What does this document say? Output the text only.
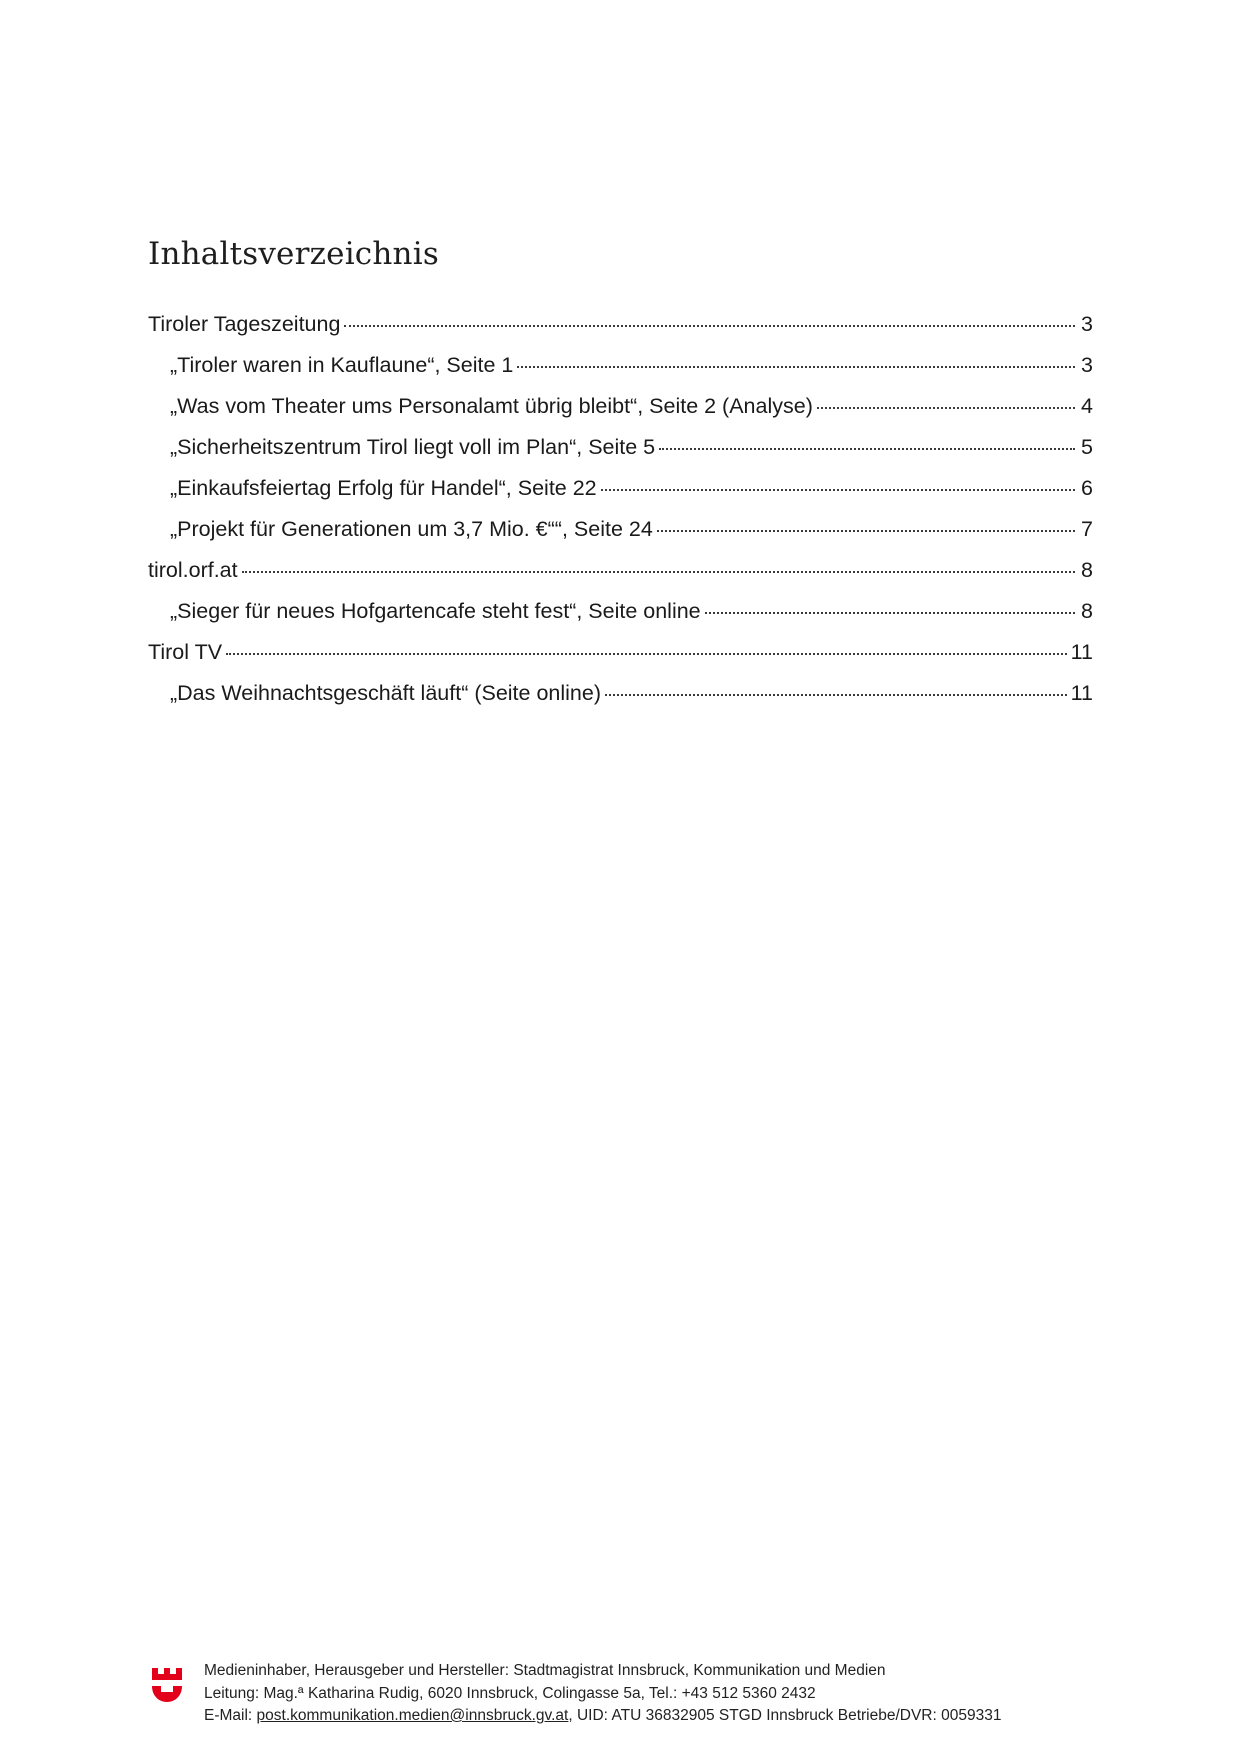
Inhaltsverzeichnis
Tiroler Tageszeitung	3
„Tiroler waren in Kauflaune“, Seite 1	3
„Was vom Theater ums Personalamt übrig bleibt“, Seite 2 (Analyse)	4
„Sicherheitszentrum Tirol liegt voll im Plan“, Seite 5	5
„Einkaufsfeiertag Erfolg für Handel“, Seite 22	6
„Projekt für Generationen um 3,7 Mio. €““, Seite 24	7
tirol.orf.at	8
„Sieger für neues Hofgartencafe steht fest“, Seite online	8
Tirol TV	11
„Das Weihnachtsgeschäft läuft“ (Seite online)	11
Medieninhaber, Herausgeber und Hersteller: Stadtmagistrat Innsbruck, Kommunikation und Medien
Leitung: Mag.ª Katharina Rudig, 6020 Innsbruck, Colingasse 5a, Tel.: +43 512 5360 2432
E-Mail: post.kommunikation.medien@innsbruck.gv.at, UID: ATU 36832905 STGD Innsbruck Betriebe/DVR: 0059331
